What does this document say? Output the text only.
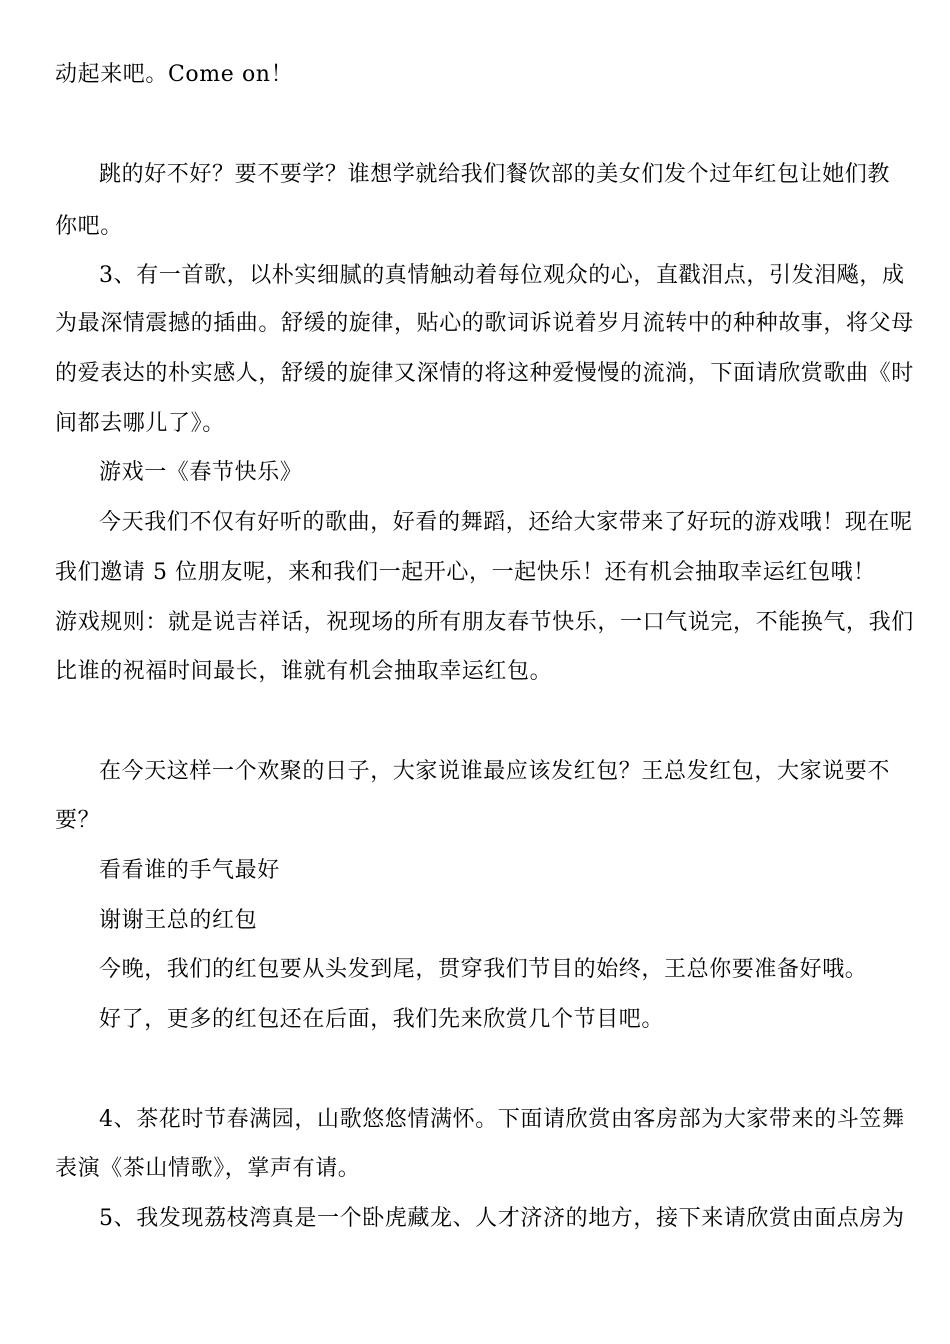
动起来吧。Come on！
跳的好不好？要不要学？谁想学就给我们餐饮部的美女们发个过年红包让她们教
你吧。
3、有一首歌，以朴实细腻的真情触动着每位观众的心，直戳泪点，引发泪飚，成
为最深情震撼的插曲。舒缓的旋律，贴心的歌词诉说着岁月流转中的种种故事，将父母
的爱表达的朴实感人，舒缓的旋律又深情的将这种爱慢慢的流淌，下面请欣赏歌曲《时
间都去哪儿了》。
游戏一《春节快乐》
今天我们不仅有好听的歌曲，好看的舞蹈，还给大家带来了好玩的游戏哦！现在呢
我们邀请 5 位朋友呢，来和我们一起开心，一起快乐！还有机会抽取幸运红包哦！
游戏规则：就是说吉祥话，祝现场的所有朋友春节快乐，一口气说完，不能换气，我们
比谁的祝福时间最长，谁就有机会抽取幸运红包。
在今天这样一个欢聚的日子，大家说谁最应该发红包？王总发红包，大家说要不
要？
看看谁的手气最好
谢谢王总的红包
今晚，我们的红包要从头发到尾，贯穿我们节目的始终，王总你要准备好哦。
好了，更多的红包还在后面，我们先来欣赏几个节目吧。
4、茶花时节春满园，山歌悠悠情满怀。下面请欣赏由客房部为大家带来的斗笠舞
表演《茶山情歌》，掌声有请。
5、我发现荔枝湾真是一个卧虎藏龙、人才济济的地方，接下来请欣赏由面点房为
